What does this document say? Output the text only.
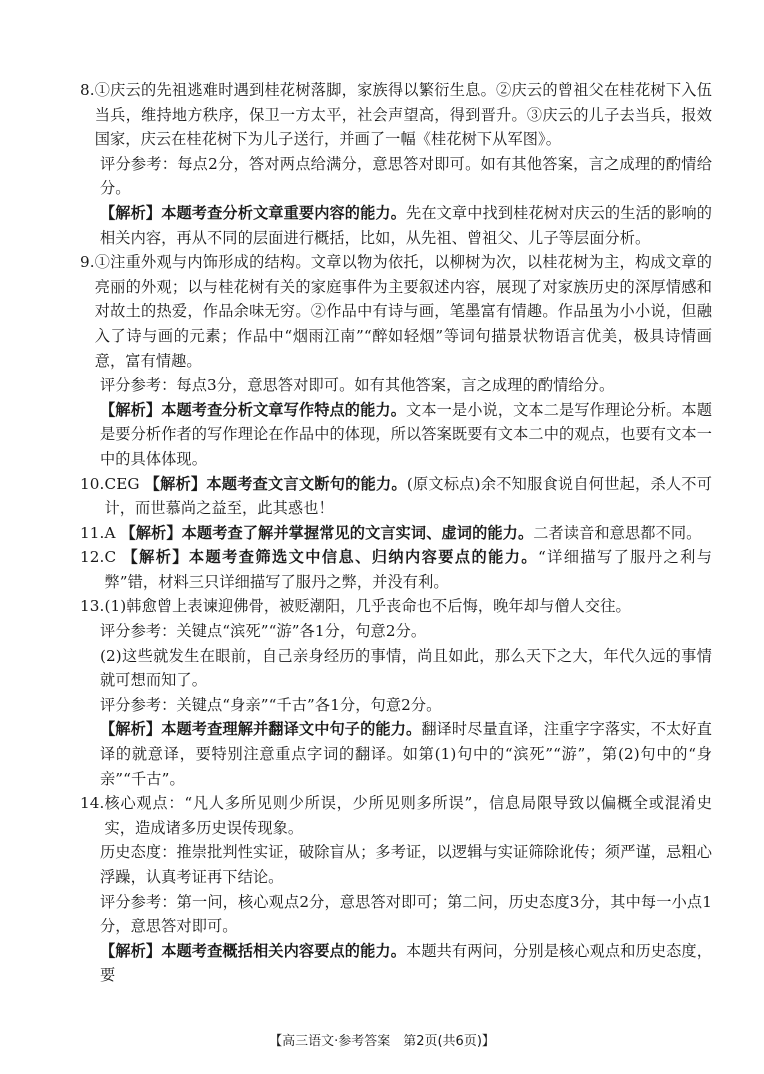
8. ①庆云的先祖逃难时遇到桂花树落脚，家族得以繁衍生息。②庆云的曾祖父在桂花树下入伍当兵，维持地方秩序，保卫一方太平，社会声望高，得到晋升。③庆云的儿子去当兵，报效国家，庆云在桂花树下为儿子送行，并画了一幅《桂花树下从军图》。

评分参考：每点2分，答对两点给满分，意思答对即可。如有其他答案，言之成理的酌情给分。

【解析】本题考查分析文章重要内容的能力。先在文章中找到桂花树对庆云的生活的影响的相关内容，再从不同的层面进行概括，比如，从先祖、曾祖父、儿子等层面分析。

9. ①注重外观与内饰形成的结构。文章以物为依托，以柳树为次，以桂花树为主，构成文章的亮丽的外观；以与桂花树有关的家庭事件为主要叙述内容，展现了对家族历史的深厚情感和对故土的热爱，作品余味无穷。②作品中有诗与画，笔墨富有情趣。作品虽为小小说，但融入了诗与画的元素；作品中“烟雨江南”“醉如轻烟”等词句描景状物语言优美，极具诗情画意，富有情趣。

评分参考：每点3分，意思答对即可。如有其他答案，言之成理的酌情给分。

【解析】本题考查分析文章写作特点的能力。文本一是小说，文本二是写作理论分析。本题是要分析作者的写作理论在作品中的体现，所以答案既要有文本二中的观点，也要有文本一中的具体体现。

10. CEG 【解析】本题考查文言文断句的能力。(原文标点)余不知服食说自何世起，杀人不可计，而世慕尚之益至，此其惑也！
11. A 【解析】本题考查了解并掌握常见的文言实词、虚词的能力。二者读音和意思都不同。
12. C 【解析】本题考查筛选文中信息、归纳内容要点的能力。“详细描写了服丹之利与弊”错，材料三只详细描写了服丹之弊，并没有利。
13. (1)韩愈曾上表谏迎佛骨，被贬潮阳，几乎丧命也不后悔，晚年却与僧人交往。

评分参考：关键点“滨死”“游”各1分，句意2分。

(2)这些就发生在眼前，自己亲身经历的事情，尚且如此，那么天下之大，年代久远的事情就可想而知了。

评分参考：关键点“身亲”“千古”各1分，句意2分。

【解析】本题考查理解并翻译文中句子的能力。翻译时尽量直译，注重字字落实，不太好直译的就意译，要特别注意重点字词的翻译。如第(1)句中的“滨死”“游”，第(2)句中的“身亲”“千古”。

14. 核心观点：“凡人多所见则少所误，少所见则多所误”，信息局限导致以偏概全或混淆史实，造成诸多历史误传现象。

历史态度：推崇批判性实证，破除盲从；多考证，以逻辑与实证筛除讹传；须严谨，忌粗心浮躁，认真考证再下结论。

评分参考：第一问，核心观点2分，意思答对即可；第二问，历史态度3分，其中每一小点1分，意思答对即可。

【解析】本题考查概括相关内容要点的能力。本题共有两问，分别是核心观点和历史态度，要

【高三语文·参考答案　第2页(共6页)】
